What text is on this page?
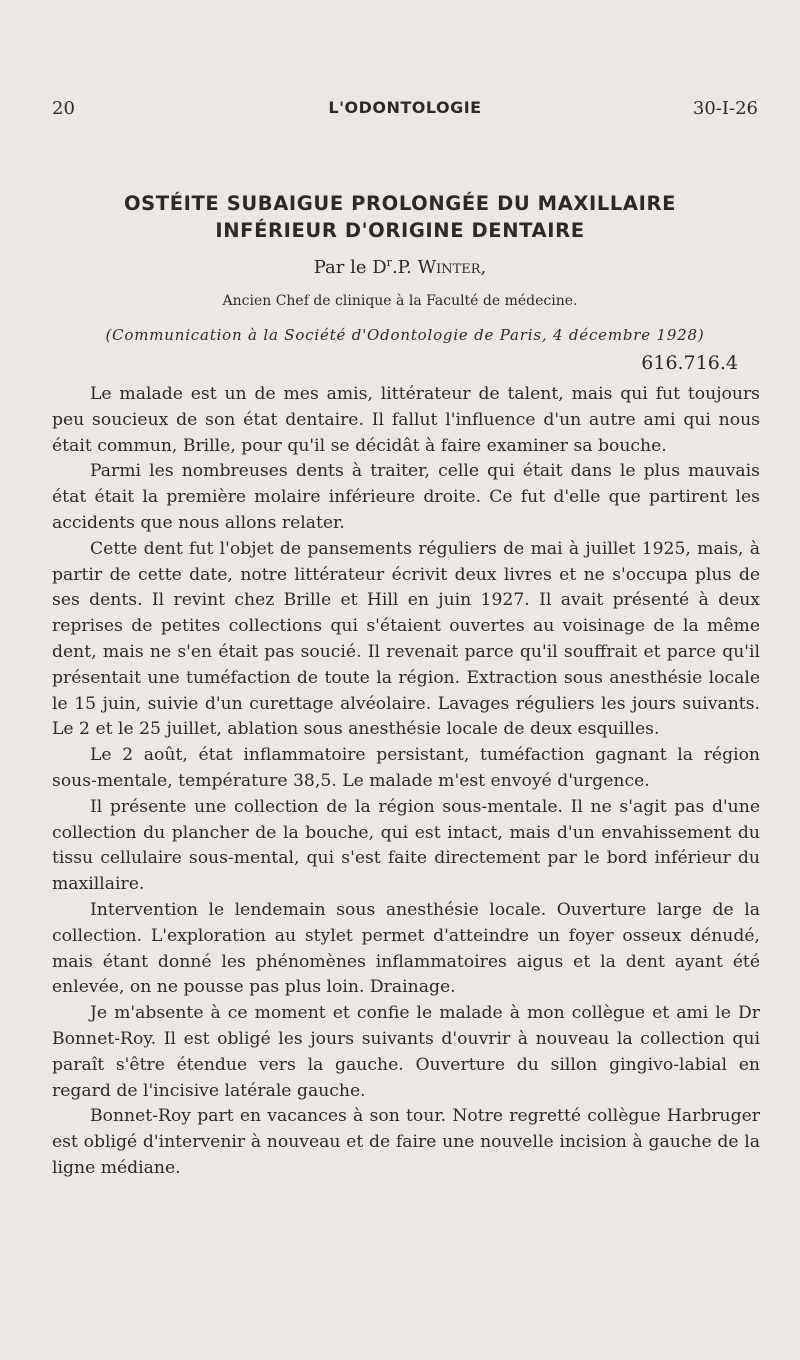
20	L'ODONTOLOGIE	30-I-26
OSTÉITE SUBAIGUE PROLONGÉE DU MAXILLAIRE
INFÉRIEUR D'ORIGINE DENTAIRE
Par le $D^r.P$. Winter,
Ancien Chef de clinique à la Faculté de médecine.
(Communication à la Société d'Odontologie de Paris, 4 décembre 1928)
616.716.4

Le malade est un de mes amis, littérateur de talent, mais qui fut toujours peu soucieux de son état dentaire. Il fallut l'influence d'un autre ami qui nous était commun, Brille, pour qu'il se décidât à faire examiner sa bouche.

Parmi les nombreuses dents à traiter, celle qui était dans le plus mauvais état était la première molaire inférieure droite. Ce fut d'elle que partirent les accidents que nous allons relater.

Cette dent fut l'objet de pansements réguliers de mai à juillet 1925, mais, à partir de cette date, notre littérateur écrivit deux livres et ne s'occupa plus de ses dents. Il revint chez Brille et Hill en juin 1927. Il avait présenté à deux reprises de petites collections qui s'étaient ouvertes au voisinage de la même dent, mais ne s'en était pas soucié. Il revenait parce qu'il souffrait et parce qu'il présentait une tuméfaction de toute la région. Extraction sous anesthésie locale le 15 juin, suivie d'un curettage alvéolaire. Lavages réguliers les jours suivants. Le 2 et le 25 juillet, ablation sous anesthésie locale de deux esquilles.

Le 2 août, état inflammatoire persistant, tuméfaction gagnant la région sous-mentale, température 38,5. Le malade m'est envoyé d'urgence.

Il présente une collection de la région sous-mentale. Il ne s'agit pas d'une collection du plancher de la bouche, qui est intact, mais d'un envahissement du tissu cellulaire sous-mental, qui s'est faite directement par le bord inférieur du maxillaire.

Intervention le lendemain sous anesthésie locale. Ouverture large de la collection. L'exploration au stylet permet d'atteindre un foyer osseux dénudé, mais étant donné les phénomènes inflammatoires aigus et la dent ayant été enlevée, on ne pousse pas plus loin. Drainage.

Je m'absente à ce moment et confie le malade à mon collègue et ami le Dr Bonnet-Roy. Il est obligé les jours suivants d'ouvrir à nouveau la collection qui paraît s'être étendue vers la gauche. Ouverture du sillon gingivo-labial en regard de l'incisive latérale gauche.

Bonnet-Roy part en vacances à son tour. Notre regretté collègue Harbruger est obligé d'intervenir à nouveau et de faire une nouvelle incision à gauche de la ligne médiane.
